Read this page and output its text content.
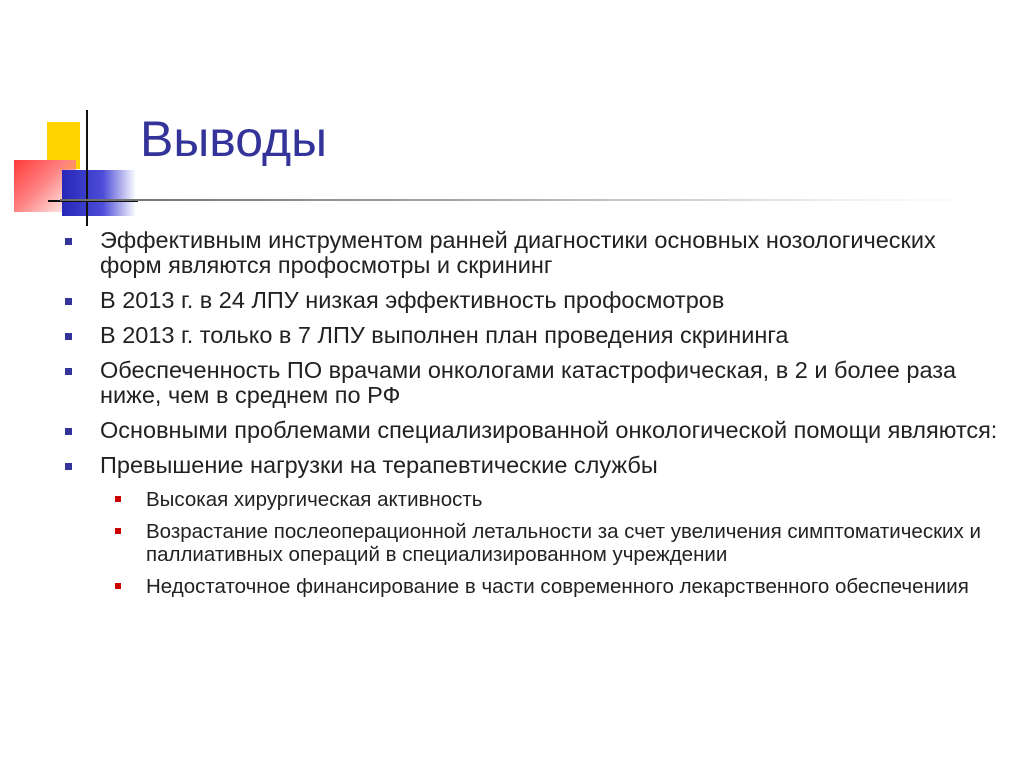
Выводы
Эффективным инструментом ранней диагностики основных нозологических форм являются профосмотры и скрининг
В 2013 г. в 24 ЛПУ низкая эффективность профосмотров
В 2013 г. только в 7 ЛПУ выполнен план проведения скрининга
Обеспеченность ПО врачами онкологами катастрофическая, в 2 и более раза ниже, чем в среднем по РФ
Основными проблемами специализированной онкологической помощи являются:
Превышение нагрузки на терапевтические службы
Высокая хирургическая активность
Возрастание послеоперационной летальности за счет увеличения симптоматических и паллиативных операций в специализированном учреждении
Недостаточное финансирование в части современного лекарственного обеспечениия
